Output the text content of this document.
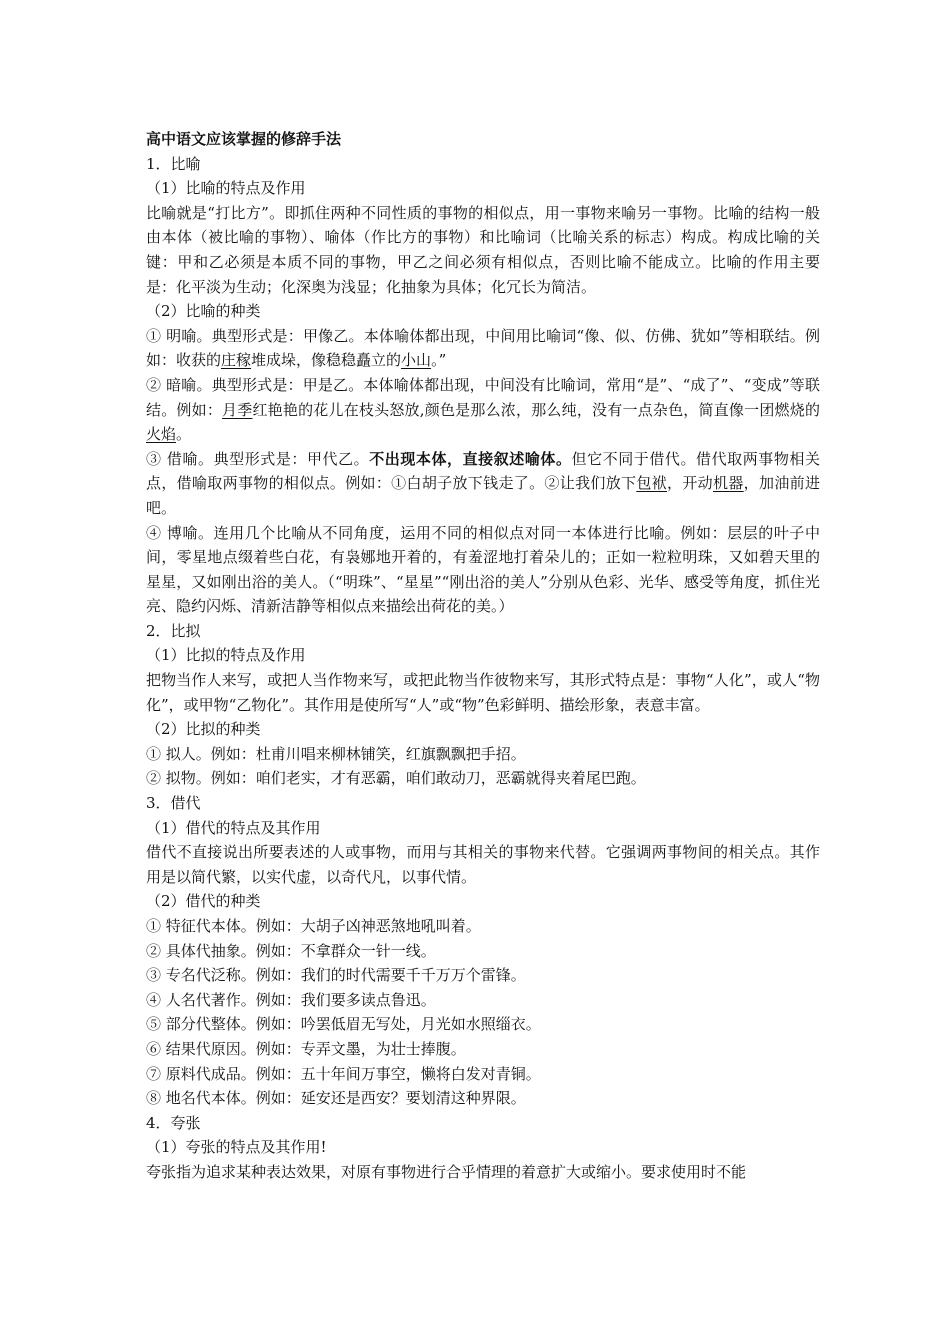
高中语文应该掌握的修辞手法

1．比喻

（1）比喻的特点及作用

比喻就是“打比方”。即抓住两种不同性质的事物的相似点，用一事物来喻另一事物。比喻的结构一般由本体（被比喻的事物）、喻体（作比方的事物）和比喻词（比喻关系的标志）构成。构成比喻的关键：甲和乙必须是本质不同的事物，甲乙之间必须有相似点，否则比喻不能成立。比喻的作用主要是：化平淡为生动；化深奥为浅显；化抽象为具体；化冗长为简洁。

（2）比喻的种类

① 明喻。典型形式是：甲像乙。本体喻体都出现，中间用比喻词“像、似、仿佛、犹如”等相联结。例如：收获的庄稼堆成垛，像稳稳矗立的小山。”

② 暗喻。典型形式是：甲是乙。本体喻体都出现，中间没有比喻词，常用“是”、“成了”、“变成”等联结。例如：月季红艳艳的花儿在枝头怒放,颜色是那么浓，那么纯，没有一点杂色，简直像一团燃烧的火焰。

③ 借喻。典型形式是：甲代乙。不出现本体，直接叙述喻体。但它不同于借代。借代取两事物相关点，借喻取两事物的相似点。例如：①白胡子放下钱走了。②让我们放下包袱，开动机器，加油前进吧。

④ 博喻。连用几个比喻从不同角度，运用不同的相似点对同一本体进行比喻。例如：层层的叶子中间，零星地点缀着些白花，有袅娜地开着的，有羞涩地打着朵儿的；正如一粒粒明珠，又如碧天里的星星，又如刚出浴的美人。（“明珠”、“星星”“刚出浴的美人”分别从色彩、光华、感受等角度，抓住光亮、隐约闪烁、清新洁静等相似点来描绘出荷花的美。）

2．比拟

（1）比拟的特点及作用

把物当作人来写，或把人当作物来写，或把此物当作彼物来写，其形式特点是：事物“人化”，或人“物化”，或甲物“乙物化”。其作用是使所写“人”或“物”色彩鲜明、描绘形象，表意丰富。

（2）比拟的种类

① 拟人。例如：杜甫川唱来柳林铺笑，红旗飘飘把手招。

② 拟物。例如：咱们老实，才有恶霸，咱们敢动刀，恶霸就得夹着尾巴跑。

3．借代

（1）借代的特点及其作用

借代不直接说出所要表述的人或事物，而用与其相关的事物来代替。它强调两事物间的相关点。其作用是以简代繁，以实代虚，以奇代凡，以事代情。

（2）借代的种类

① 特征代本体。例如：大胡子凶神恶煞地吼叫着。

② 具体代抽象。例如：不拿群众一针一线。

③ 专名代泛称。例如：我们的时代需要千千万万个雷锋。

④ 人名代著作。例如：我们要多读点鲁迅。

⑤ 部分代整体。例如：吟罢低眉无写处，月光如水照缁衣。

⑥ 结果代原因。例如：专弄文墨，为壮士捧腹。

⑦ 原料代成品。例如：五十年间万事空，懒将白发对青铜。

⑧ 地名代本体。例如：延安还是西安？要划清这种界限。

4．夸张

（1）夸张的特点及其作用!

夸张指为追求某种表达效果，对原有事物进行合乎情理的着意扩大或缩小。要求使用时不能
